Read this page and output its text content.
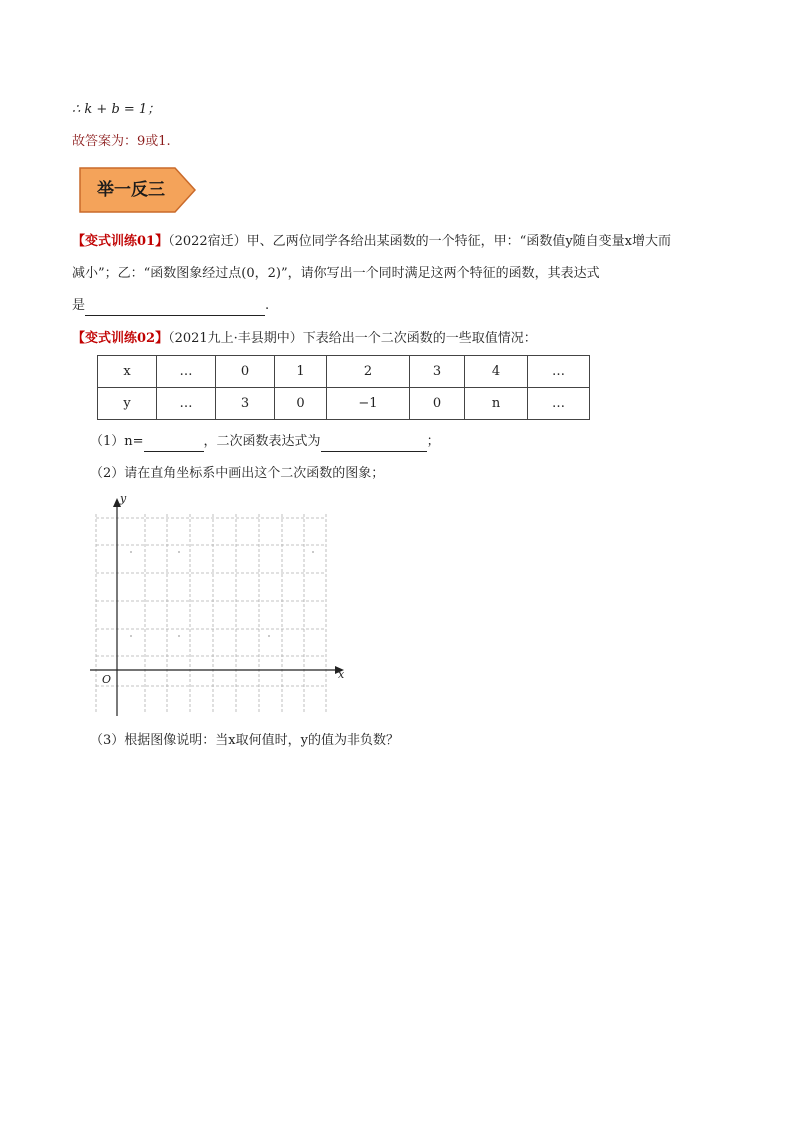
∴ k + b = 1；
故答案为：9或1.
举一反三
【变式训练01】（2022宿迁）甲、乙两位同学各给出某函数的一个特征，甲：“函数值y随自变量x增大而
减小”；乙：“函数图象经过点(0，2)”，请你写出一个同时满足这两个特征的函数，其表达式
是	.
【变式训练02】（2021九上·丰县期中）下表给出一个二次函数的一些取值情况：
x	…	0	1	2	3	4	…
y	…	3	0	−1	0	n	…
（1）n=	，二次函数表达式为	；
（2）请在直角坐标系中画出这个二次函数的图象；
y
x
O
（3）根据图像说明：当x取何值时，y的值为非负数？
